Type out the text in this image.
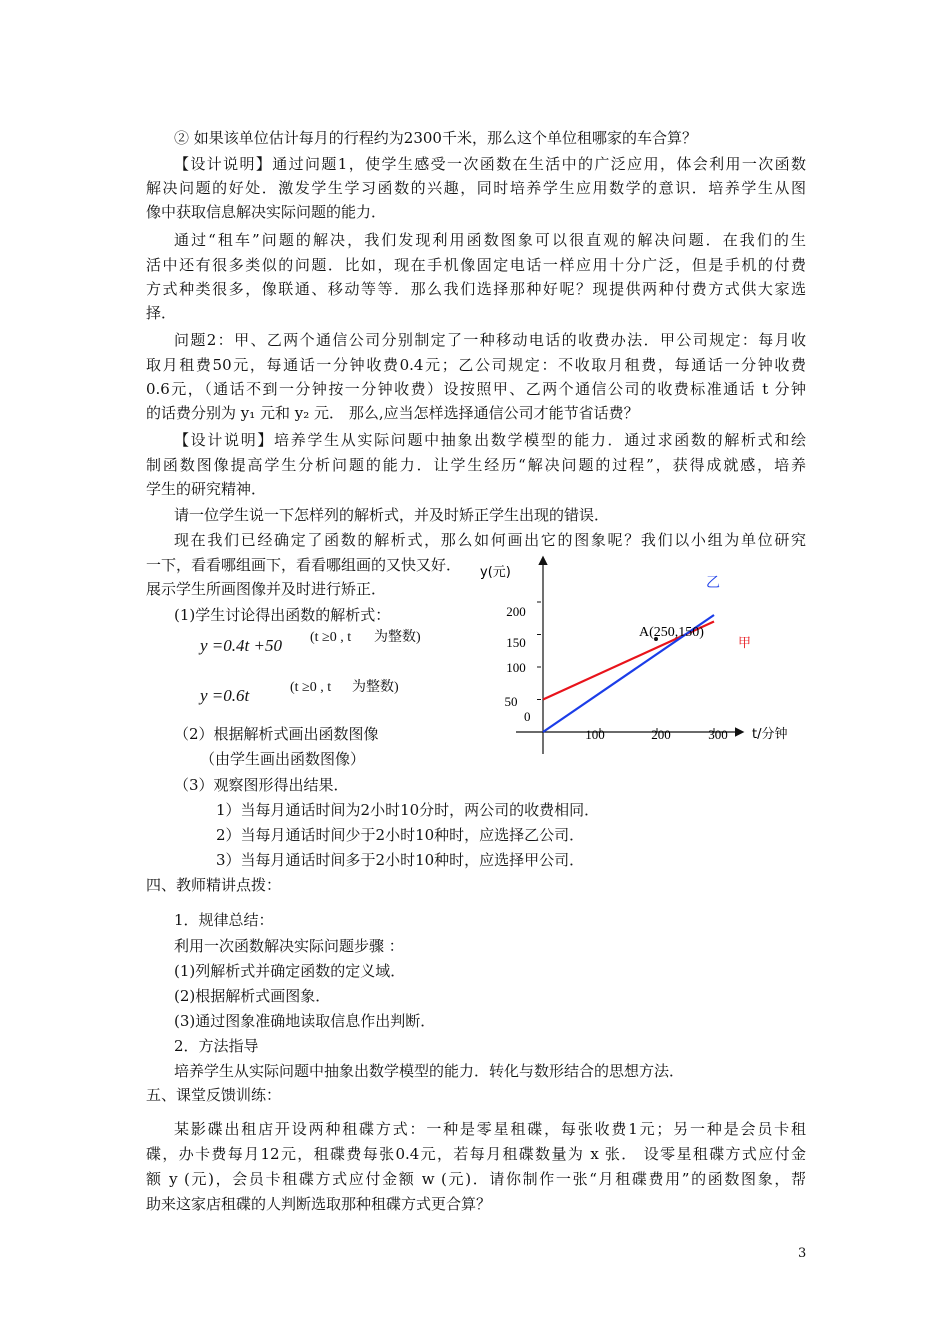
② 如果该单位估计每月的行程约为2300千米，那么这个单位租哪家的车合算？
【设计说明】通过问题1，使学生感受一次函数在生活中的广泛应用，体会利用一次函数
解决问题的好处．激发学生学习函数的兴趣，同时培养学生应用数学的意识．培养学生从图
像中获取信息解决实际问题的能力．
通过“租车”问题的解决，我们发现利用函数图象可以很直观的解决问题．在我们的生
活中还有很多类似的问题．比如，现在手机像固定电话一样应用十分广泛，但是手机的付费
方式种类很多，像联通、移动等等．那么我们选择那种好呢？现提供两种付费方式供大家选
择．
问题2：甲、乙两个通信公司分别制定了一种移动电话的收费办法．甲公司规定：每月收
取月租费50元，每通话一分钟收费0.4元；乙公司规定：不收取月租费，每通话一分钟收费
0.6元，（通话不到一分钟按一分钟收费）设按照甲、乙两个通信公司的收费标准通话 t 分钟
的话费分别为 y₁ 元和 y₂ 元． 那么,应当怎样选择通信公司才能节省话费？
【设计说明】培养学生从实际问题中抽象出数学模型的能力．通过求函数的解析式和绘
制函数图像提高学生分析问题的能力．让学生经历“解决问题的过程”，获得成就感，培养
学生的研究精神．
请一位学生说一下怎样列的解析式，并及时矫正学生出现的错误．
现在我们已经确定了函数的解析式，那么如何画出它的图象呢？我们以小组为单位研究
一下，看看哪组画下，看看哪组画的又快又好．
展示学生所画图像并及时进行矫正．
(1)学生讨论得出函数的解析式：
y =0.4t +50 (t ≥0 , t 为整数)
y =0.6t	(t ≥0 , t 为整数)
（2）根据解析式画出函数图像
（由学生画出函数图像）
（3）观察图形得出结果．
1）当每月通话时间为2小时10分时，两公司的收费相同．
2）当每月通话时间少于2小时10种时，应选择乙公司．
3）当每月通话时间多于2小时10种时，应选择甲公司．
四、教师精讲点拨：
1．规律总结：
利用一次函数解决实际问题步骤 ：
(1)列解析式并确定函数的定义域．
(2)根据解析式画图象．
(3)通过图象准确地读取信息作出判断．
2．方法指导
培养学生从实际问题中抽象出数学模型的能力．转化与数形结合的思想方法．
五、课堂反馈训练：
某影碟出租店开设两种租碟方式：一种是零星租碟，每张收费1元；另一种是会员卡租
碟，办卡费每月12元，租碟费每张0.4元，若每月租碟数量为 x 张． 设零星租碟方式应付金
额 y (元)，会员卡租碟方式应付金额 w (元)．请你制作一张“月租碟费用”的函数图象，帮
助来这家店租碟的人判断选取那种租碟方式更合算？
100	200	300
50
150
100
200
0
乙
甲
A(250,150)
y(元)
t/分钟
3
